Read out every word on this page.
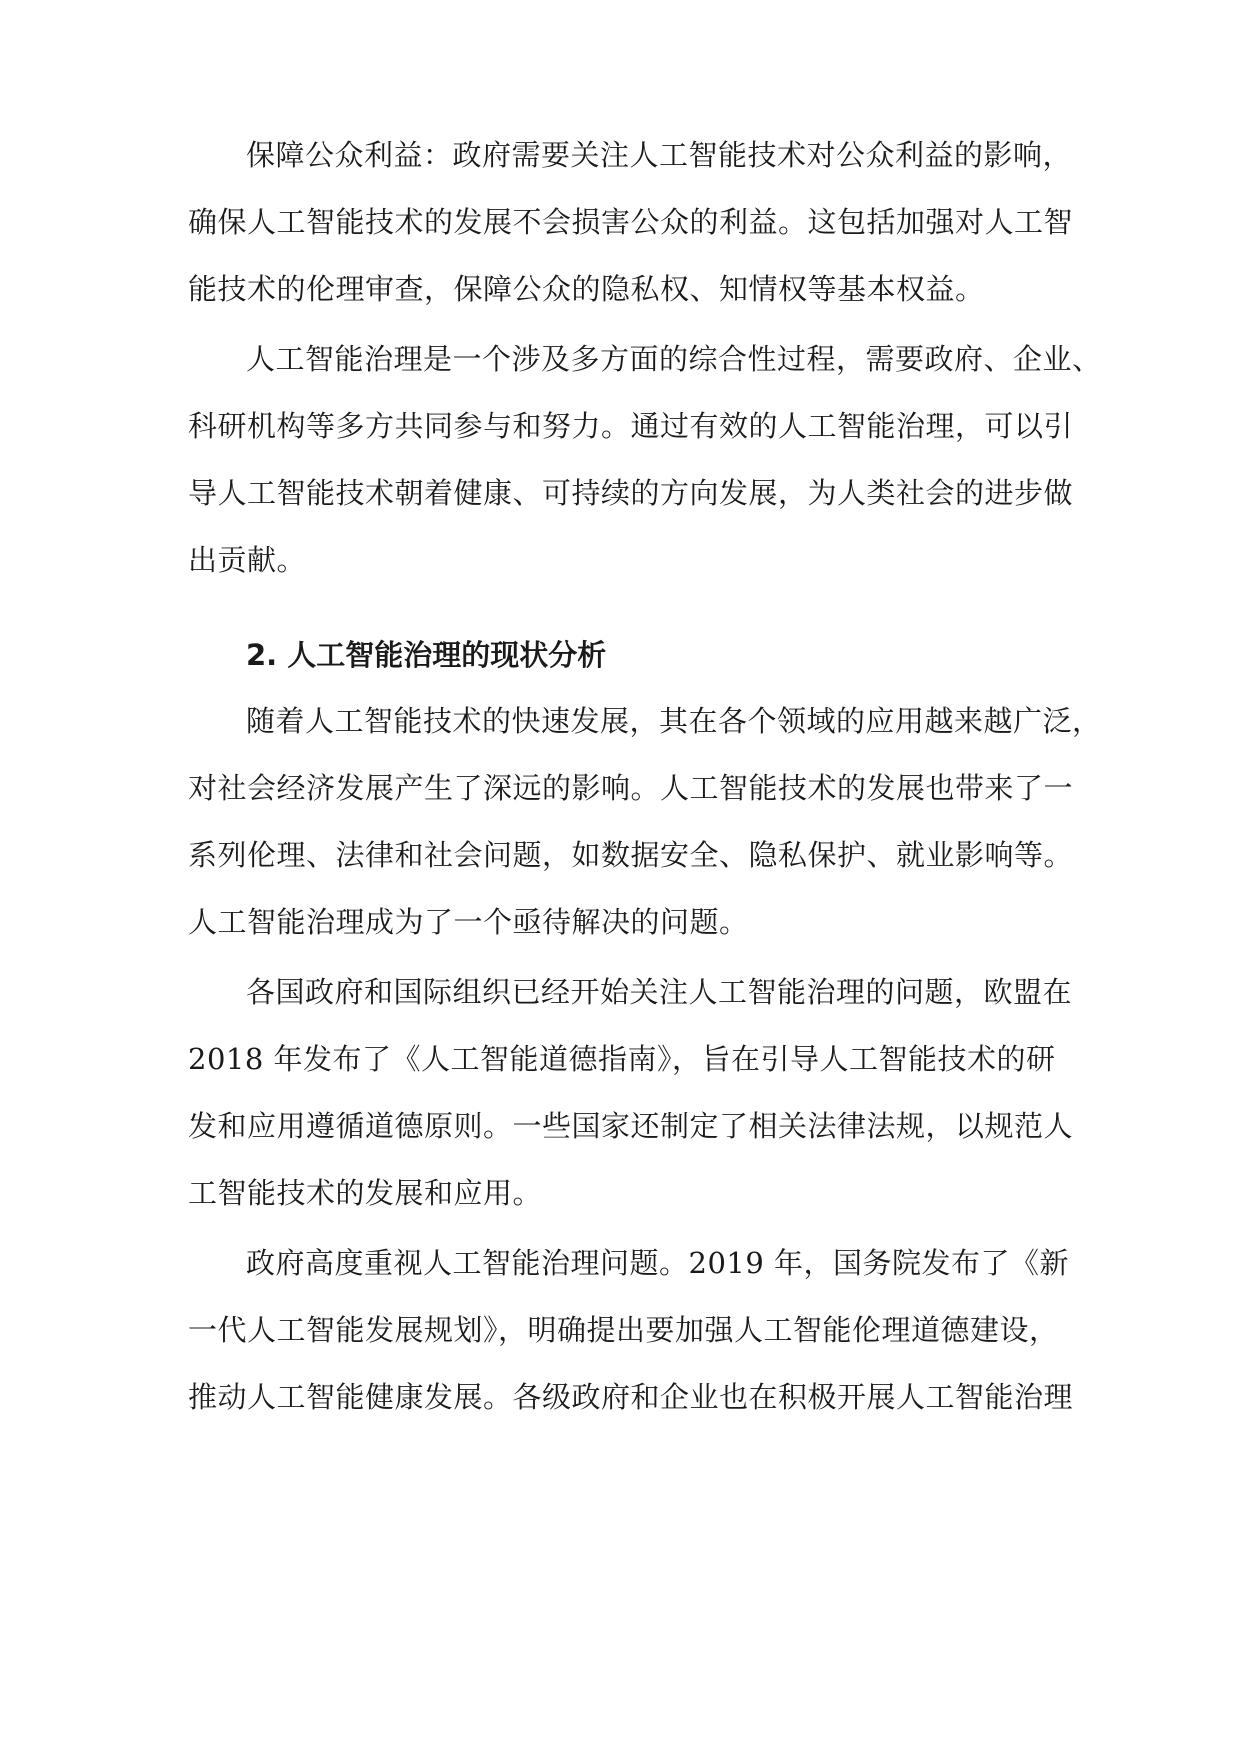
保障公众利益：政府需要关注人工智能技术对公众利益的影响，
确保人工智能技术的发展不会损害公众的利益。这包括加强对人工智
能技术的伦理审查，保障公众的隐私权、知情权等基本权益。
人工智能治理是一个涉及多方面的综合性过程，需要政府、企业、
科研机构等多方共同参与和努力。通过有效的人工智能治理，可以引
导人工智能技术朝着健康、可持续的方向发展，为人类社会的进步做
出贡献。
2. 人工智能治理的现状分析
随着人工智能技术的快速发展，其在各个领域的应用越来越广泛，
对社会经济发展产生了深远的影响。人工智能技术的发展也带来了一
系列伦理、法律和社会问题，如数据安全、隐私保护、就业影响等。
人工智能治理成为了一个亟待解决的问题。
各国政府和国际组织已经开始关注人工智能治理的问题，欧盟在
2018 年发布了《人工智能道德指南》，旨在引导人工智能技术的研
发和应用遵循道德原则。一些国家还制定了相关法律法规，以规范人
工智能技术的发展和应用。
政府高度重视人工智能治理问题。2019 年，国务院发布了《新
一代人工智能发展规划》，明确提出要加强人工智能伦理道德建设，
推动人工智能健康发展。各级政府和企业也在积极开展人工智能治理
